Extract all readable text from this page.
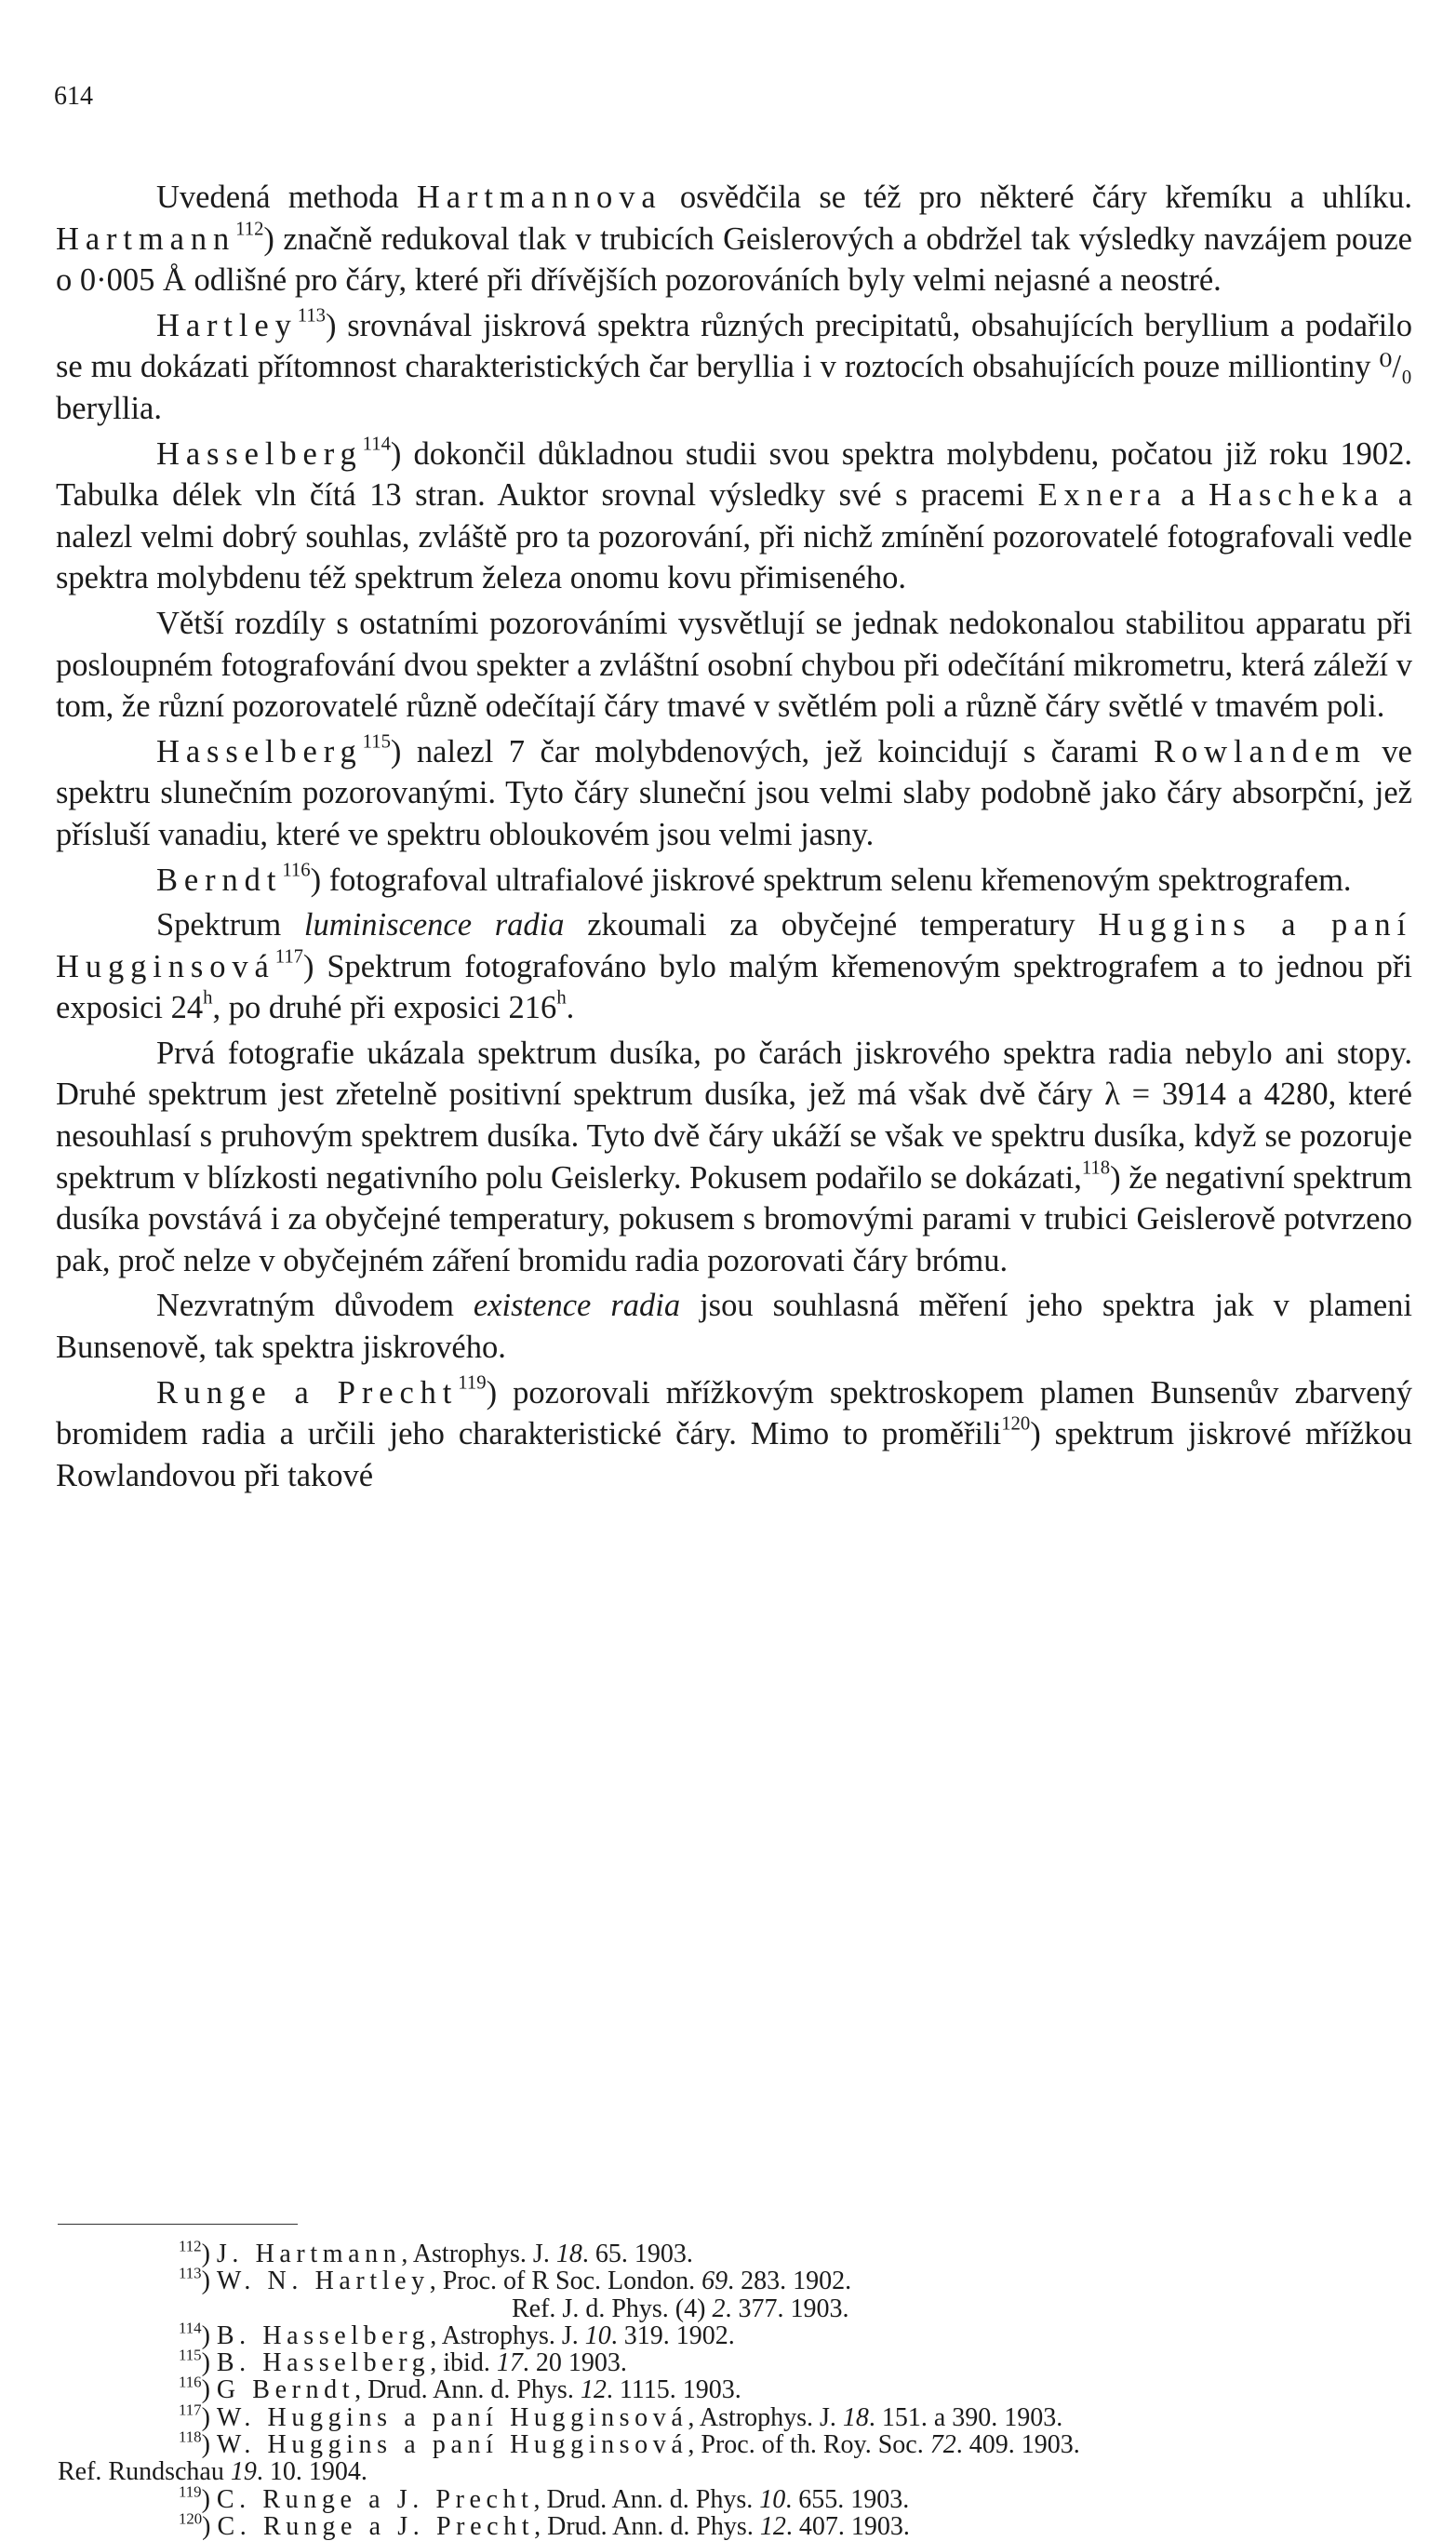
614

Uvedená methoda Hartmannova osvědčila se též pro některé čáry křemíku a uhlíku. Hartmann$^{112}$) značně redukoval tlak v trubicích Geislerových a obdržel tak výsledky navzájem pouze o 0·005 Å odlišné pro čáry, které při dřívějších pozorováních byly velmi nejasné a neostré.

Hartley$^{113}$) srovnával jiskrová spektra různých precipitatů, obsahujících beryllium a podařilo se mu dokázati přítomnost charakteristických čar beryllia i v roztocích obsahujících pouze milliontiny ⁰/₀ beryllia.

Hasselberg$^{114}$) dokončil důkladnou studii svou spektra molybdenu, počatou již roku 1902. Tabulka délek vln čítá 13 stran. Auktor srovnal výsledky své s pracemi Exnera a Hascheka a nalezl velmi dobrý souhlas, zvláště pro ta pozorování, při nichž zmínění pozorovatelé fotografovali vedle spektra molybdenu též spektrum železa onomu kovu přimiseného.

Větší rozdíly s ostatními pozorováními vysvětlují se jednak nedokonalou stabilitou apparatu při posloupném fotografování dvou spekter a zvláštní osobní chybou při odečítání mikrometru, která záleží v tom, že různí pozorovatelé různě odečítají čáry tmavé v světlém poli a různě čáry světlé v tmavém poli.

Hasselberg$^{115}$) nalezl 7 čar molybdenových, jež koincidují s čarami Rowlandem ve spektru slunečním pozorovanými. Tyto čáry sluneční jsou velmi slaby podobně jako čáry absorpční, jež přísluší vanadiu, které ve spektru obloukovém jsou velmi jasny.

Berndt$^{116}$) fotografoval ultrafialové jiskrové spektrum selenu křemenovým spektrografem.

Spektrum luminiscence radia zkoumali za obyčejné temperatury Huggins a paní Hugginsová$^{117}$) Spektrum fotografováno bylo malým křemenovým spektrografem a to jednou při exposici 24$^h$, po druhé při exposici 216$^h$.

Prvá fotografie ukázala spektrum dusíka, po čarách jiskrového spektra radia nebylo ani stopy. Druhé spektrum jest zřetelně positivní spektrum dusíka, jež má však dvě čáry λ = 3914 a 4280, které nesouhlasí s pruhovým spektrem dusíka. Tyto dvě čáry ukáží se však ve spektru dusíka, když se pozoruje spektrum v blízkosti negativního polu Geislerky. Pokusem podařilo se dokázati,$^{118}$) že negativní spektrum dusíka povstává i za obyčejné temperatury, pokusem s bromovými parami v trubici Geislerově potvrzeno pak, proč nelze v obyčejném záření bromidu radia pozorovati čáry brómu.

Nezvratným důvodem existence radia jsou souhlasná měření jeho spektra jak v plameni Bunsenově, tak spektra jiskrového.

Runge a Precht$^{119}$) pozorovali mřížkovým spektroskopem plamen Bunsenův zbarvený bromidem radia a určili jeho charakteristické čáry. Mimo to proměřili$^{120}$) spektrum jiskrové mřížkou Rowlandovou při takové

$^{112}$) J. Hartmann, Astrophys. J. 18. 65. 1903.
$^{113}$) W. N. Hartley, Proc. of R Soc. London. 69. 283. 1902.
Ref. J. d. Phys. (4) 2. 377. 1903.
$^{114}$) B. Hasselberg, Astrophys. J. 10. 319. 1902.
$^{115}$) B. Hasselberg, ibid. 17. 20 1903.
$^{116}$) G Berndt, Drud. Ann. d. Phys. 12. 1115. 1903.
$^{117}$) W. Huggins a paní Hugginsová, Astrophys. J. 18. 151. a 390. 1903.
$^{118}$) W. Huggins a paní Hugginsová, Proc. of th. Roy. Soc. 72. 409. 1903.
Ref. Rundschau 19. 10. 1904.
$^{119}$) C. Runge a J. Precht, Drud. Ann. d. Phys. 10. 655. 1903.
$^{120}$) C. Runge a J. Precht, Drud. Ann. d. Phys. 12. 407. 1903.
